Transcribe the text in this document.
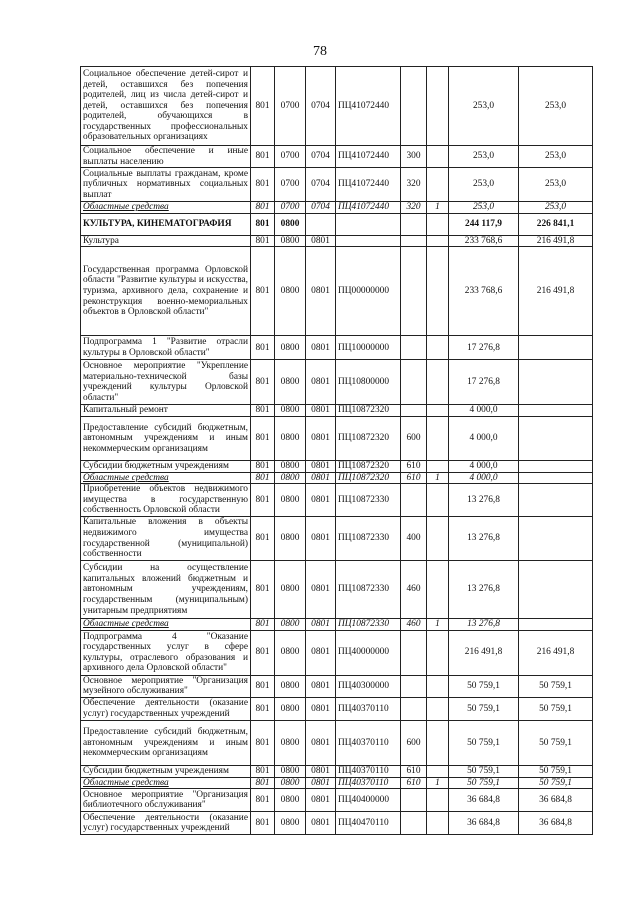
78
Социальное обеспечение детей-сирот и детей, оставшихся без попечения родителей, лиц из числа детей-сирот и детей, оставшихся без попечения родителей, обучающихся в государственных профессиональных образовательных организациях	801	0700	0704	ПЦ41072440			253,0	253,0
Социальное обеспечение и иные выплаты населению	801	0700	0704	ПЦ41072440	300		253,0	253,0
Социальные выплаты гражданам, кроме публичных нормативных социальных выплат	801	0700	0704	ПЦ41072440	320		253,0	253,0
Областные средства	801	0700	0704	ПЦ41072440	320	1	253,0	253,0
КУЛЬТУРА, КИНЕМАТОГРАФИЯ	801	0800					244 117,9	226 841,1
Культура	801	0800	0801				233 768,6	216 491,8
Государственная программа Орловской области "Развитие культуры и искусства, туризма, архивного дела, сохранение и реконструкция военно-мемориальных объектов в Орловской области"	801	0800	0801	ПЦ00000000			233 768,6	216 491,8
Подпрограмма 1 "Развитие отрасли культуры в Орловской области"	801	0800	0801	ПЦ10000000			17 276,8	
Основное мероприятие "Укрепление материально-технической базы учреждений культуры Орловской области"	801	0800	0801	ПЦ10800000			17 276,8	
Капитальный ремонт	801	0800	0801	ПЦ10872320			4 000,0	
Предоставление субсидий бюджетным, автономным учреждениям и иным некоммерческим организациям	801	0800	0801	ПЦ10872320	600		4 000,0	
Субсидии бюджетным учреждениям	801	0800	0801	ПЦ10872320	610		4 000,0	
Областные средства	801	0800	0801	ПЦ10872320	610	1	4 000,0	
Приобретение объектов недвижимого имущества в государственную собственность Орловской области	801	0800	0801	ПЦ10872330			13 276,8	
Капитальные вложения в объекты недвижимого имущества государственной (муниципальной) собственности	801	0800	0801	ПЦ10872330	400		13 276,8	
Субсидии на осуществление капитальных вложений бюджетным и автономным учреждениям, государственным (муниципальным) унитарным предприятиям	801	0800	0801	ПЦ10872330	460		13 276,8	
Областные средства	801	0800	0801	ПЦ10872330	460	1	13 276,8	
Подпрограмма 4 "Оказание государственных услуг в сфере культуры, отраслевого образования и архивного дела Орловской области"	801	0800	0801	ПЦ40000000			216 491,8	216 491,8
Основное мероприятие "Организация музейного обслуживания"	801	0800	0801	ПЦ40300000			50 759,1	50 759,1
Обеспечение деятельности (оказание услуг) государственных учреждений	801	0800	0801	ПЦ40370110			50 759,1	50 759,1
Предоставление субсидий бюджетным, автономным учреждениям и иным некоммерческим организациям	801	0800	0801	ПЦ40370110	600		50 759,1	50 759,1
Субсидии бюджетным учреждениям	801	0800	0801	ПЦ40370110	610		50 759,1	50 759,1
Областные средства	801	0800	0801	ПЦ40370110	610	1	50 759,1	50 759,1
Основное мероприятие "Организация библиотечного обслуживания"	801	0800	0801	ПЦ40400000			36 684,8	36 684,8
Обеспечение деятельности (оказание услуг) государственных учреждений	801	0800	0801	ПЦ40470110			36 684,8	36 684,8
